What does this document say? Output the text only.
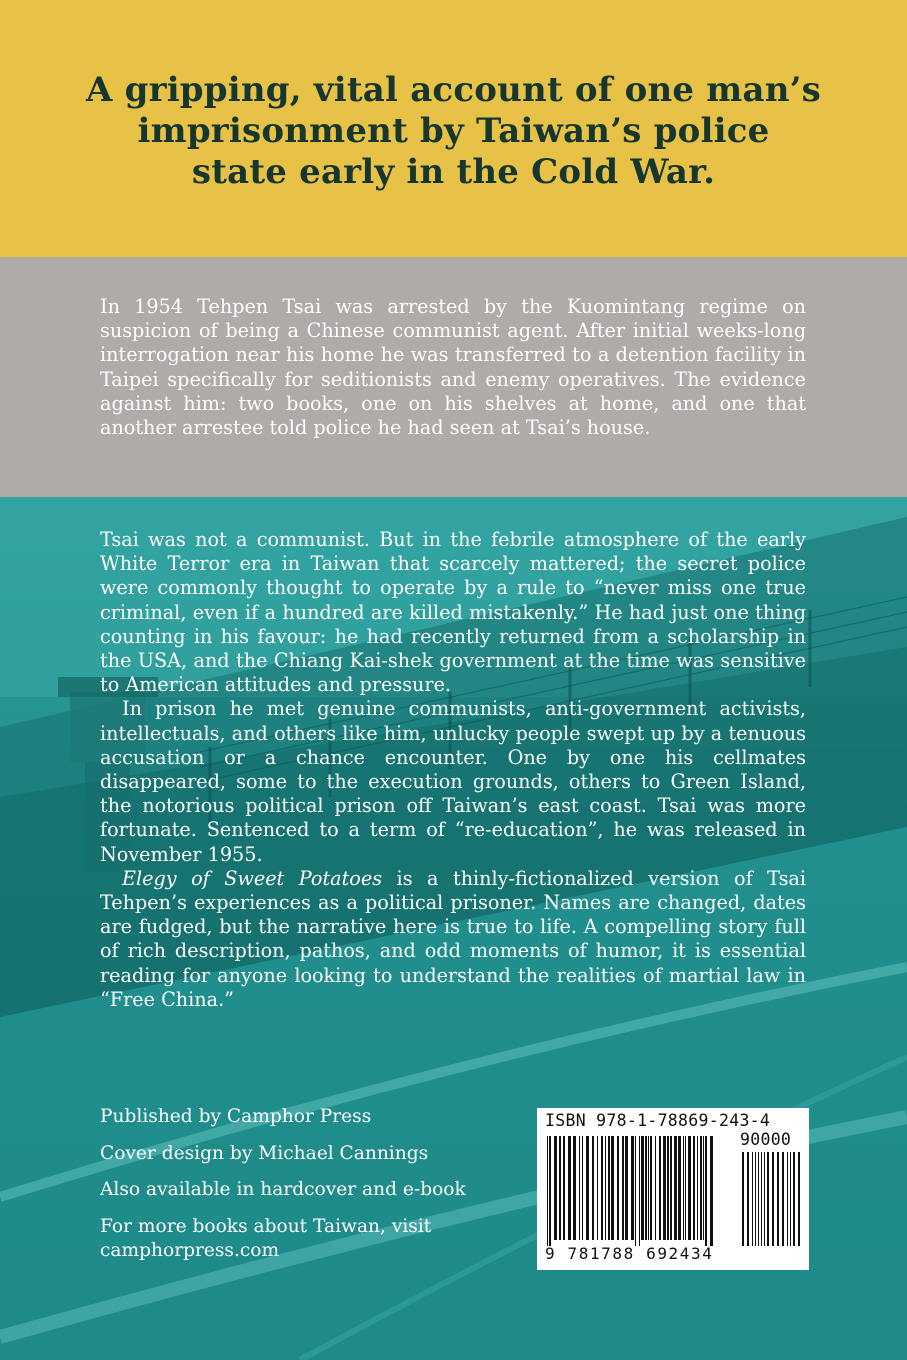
A gripping, vital account of one man’s
imprisonment by Taiwan’s police
state early in the Cold War.

In 1954 Tehpen Tsai was arrested by the Kuomintang regime on suspicion of being a Chinese communist agent. After initial weeks-long interrogation near his home he was transferred to a detention facility in Taipei specifically for seditionists and enemy operatives. The evidence against him: two books, one on his shelves at home, and one that another arrestee told police he had seen at Tsai’s house.

Tsai was not a communist. But in the febrile atmosphere of the early White Terror era in Taiwan that scarcely mattered; the secret police were commonly thought to operate by a rule to “never miss one true criminal, even if a hundred are killed mistakenly.” He had just one thing counting in his favour: he had recently returned from a scholarship in the USA, and the Chiang Kai-shek government at the time was sensitive to American attitudes and pressure.

In prison he met genuine communists, anti-government activists, intellectuals, and others like him, unlucky people swept up by a tenuous accusation or a chance encounter. One by one his cellmates disappeared, some to the execution grounds, others to Green Island, the notorious political prison off Taiwan’s east coast. Tsai was more fortunate. Sentenced to a term of “re-education”, he was released in November 1955.

Elegy of Sweet Potatoes is a thinly-fictionalized version of Tsai Tehpen’s experiences as a political prisoner. Names are changed, dates are fudged, but the narrative here is true to life. A compelling story full of rich description, pathos, and odd moments of humor, it is essential reading for anyone looking to understand the realities of martial law in “Free China.”

Published by Camphor Press
Cover design by Michael Cannings
Also available in hardcover and e-book
For more books about Taiwan, visit
camphorpress.com
ISBN 978-1-78869-243-4
90000
9 781788 692434
